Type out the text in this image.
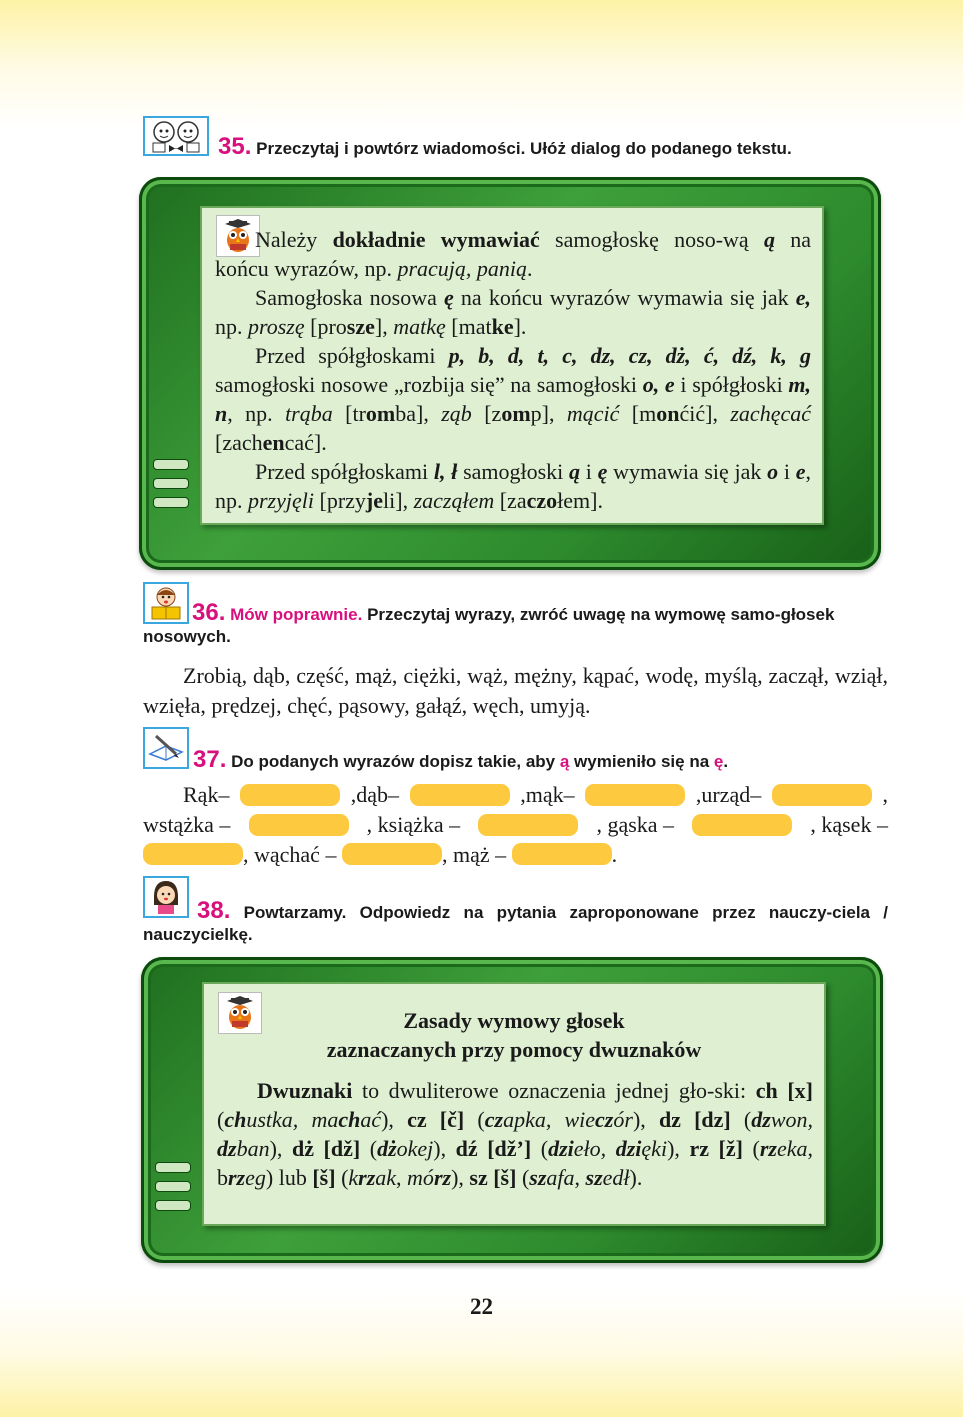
35. Przeczytaj i powtórz wiadomości. Ułóż dialog do podanego tekstu.

Należy dokładnie wymawiać samogłoskę noso-wą ą na końcu wyrazów, np. pracują, panią.

Samogłoska nosowa ę na końcu wyrazów wymawia się jak e, np. proszę [prosze], matkę [matke].

Przed spółgłoskami p, b, d, t, c, dz, cz, dż, ć, dź, k, g samogłoski nosowe „rozbija się” na samogłoski o, e i spółgłoski m, n, np. trąba [tromba], ząb [zomp], mącić [monćić], zachęcać [zachencać].

Przed spółgłoskami l, ł samogłoski ą i ę wymawia się jak o i e, np. przyjęli [przyjeli], zacząłem [zaczołem].

36. Mów poprawnie. Przeczytaj wyrazy, zwróć uwagę na wymowę samo-głosek nosowych.
Zrobią, dąb, część, mąż, ciężki, wąż, mężny, kąpać, wodę, myślą, zaczął, wziął, wzięła, prędzej, chęć, pąsowy, gałąź, węch, umyją.
37. Do podanych wyrazów dopisz takie, aby ą wymieniło się na ę.
Rąk–	,dąb–	,mąk–	,urząd–	,
wstążka –	, książka –	, gąska –	, kąsek –
, wąchać –	, mąż –	.
38. Powtarzamy. Odpowiedz na pytania zaproponowane przez nauczy-ciela / nauczycielkę.
Zasady wymowy głosek
zaznaczanych przy pomocy dwuznaków

Dwuznaki to dwuliterowe oznaczenia jednej gło-ski: ch [x] (chustka, machać), cz [č] (czapka, wieczór), dz [dz] (dzwon, dzban), dż [dž] (dżokej), dź [dž’] (dzieło, dzięki), rz [ž] (rzeka, brzeg) lub [š] (krzak, mórz), sz [š] (szafa, szedł).

22
